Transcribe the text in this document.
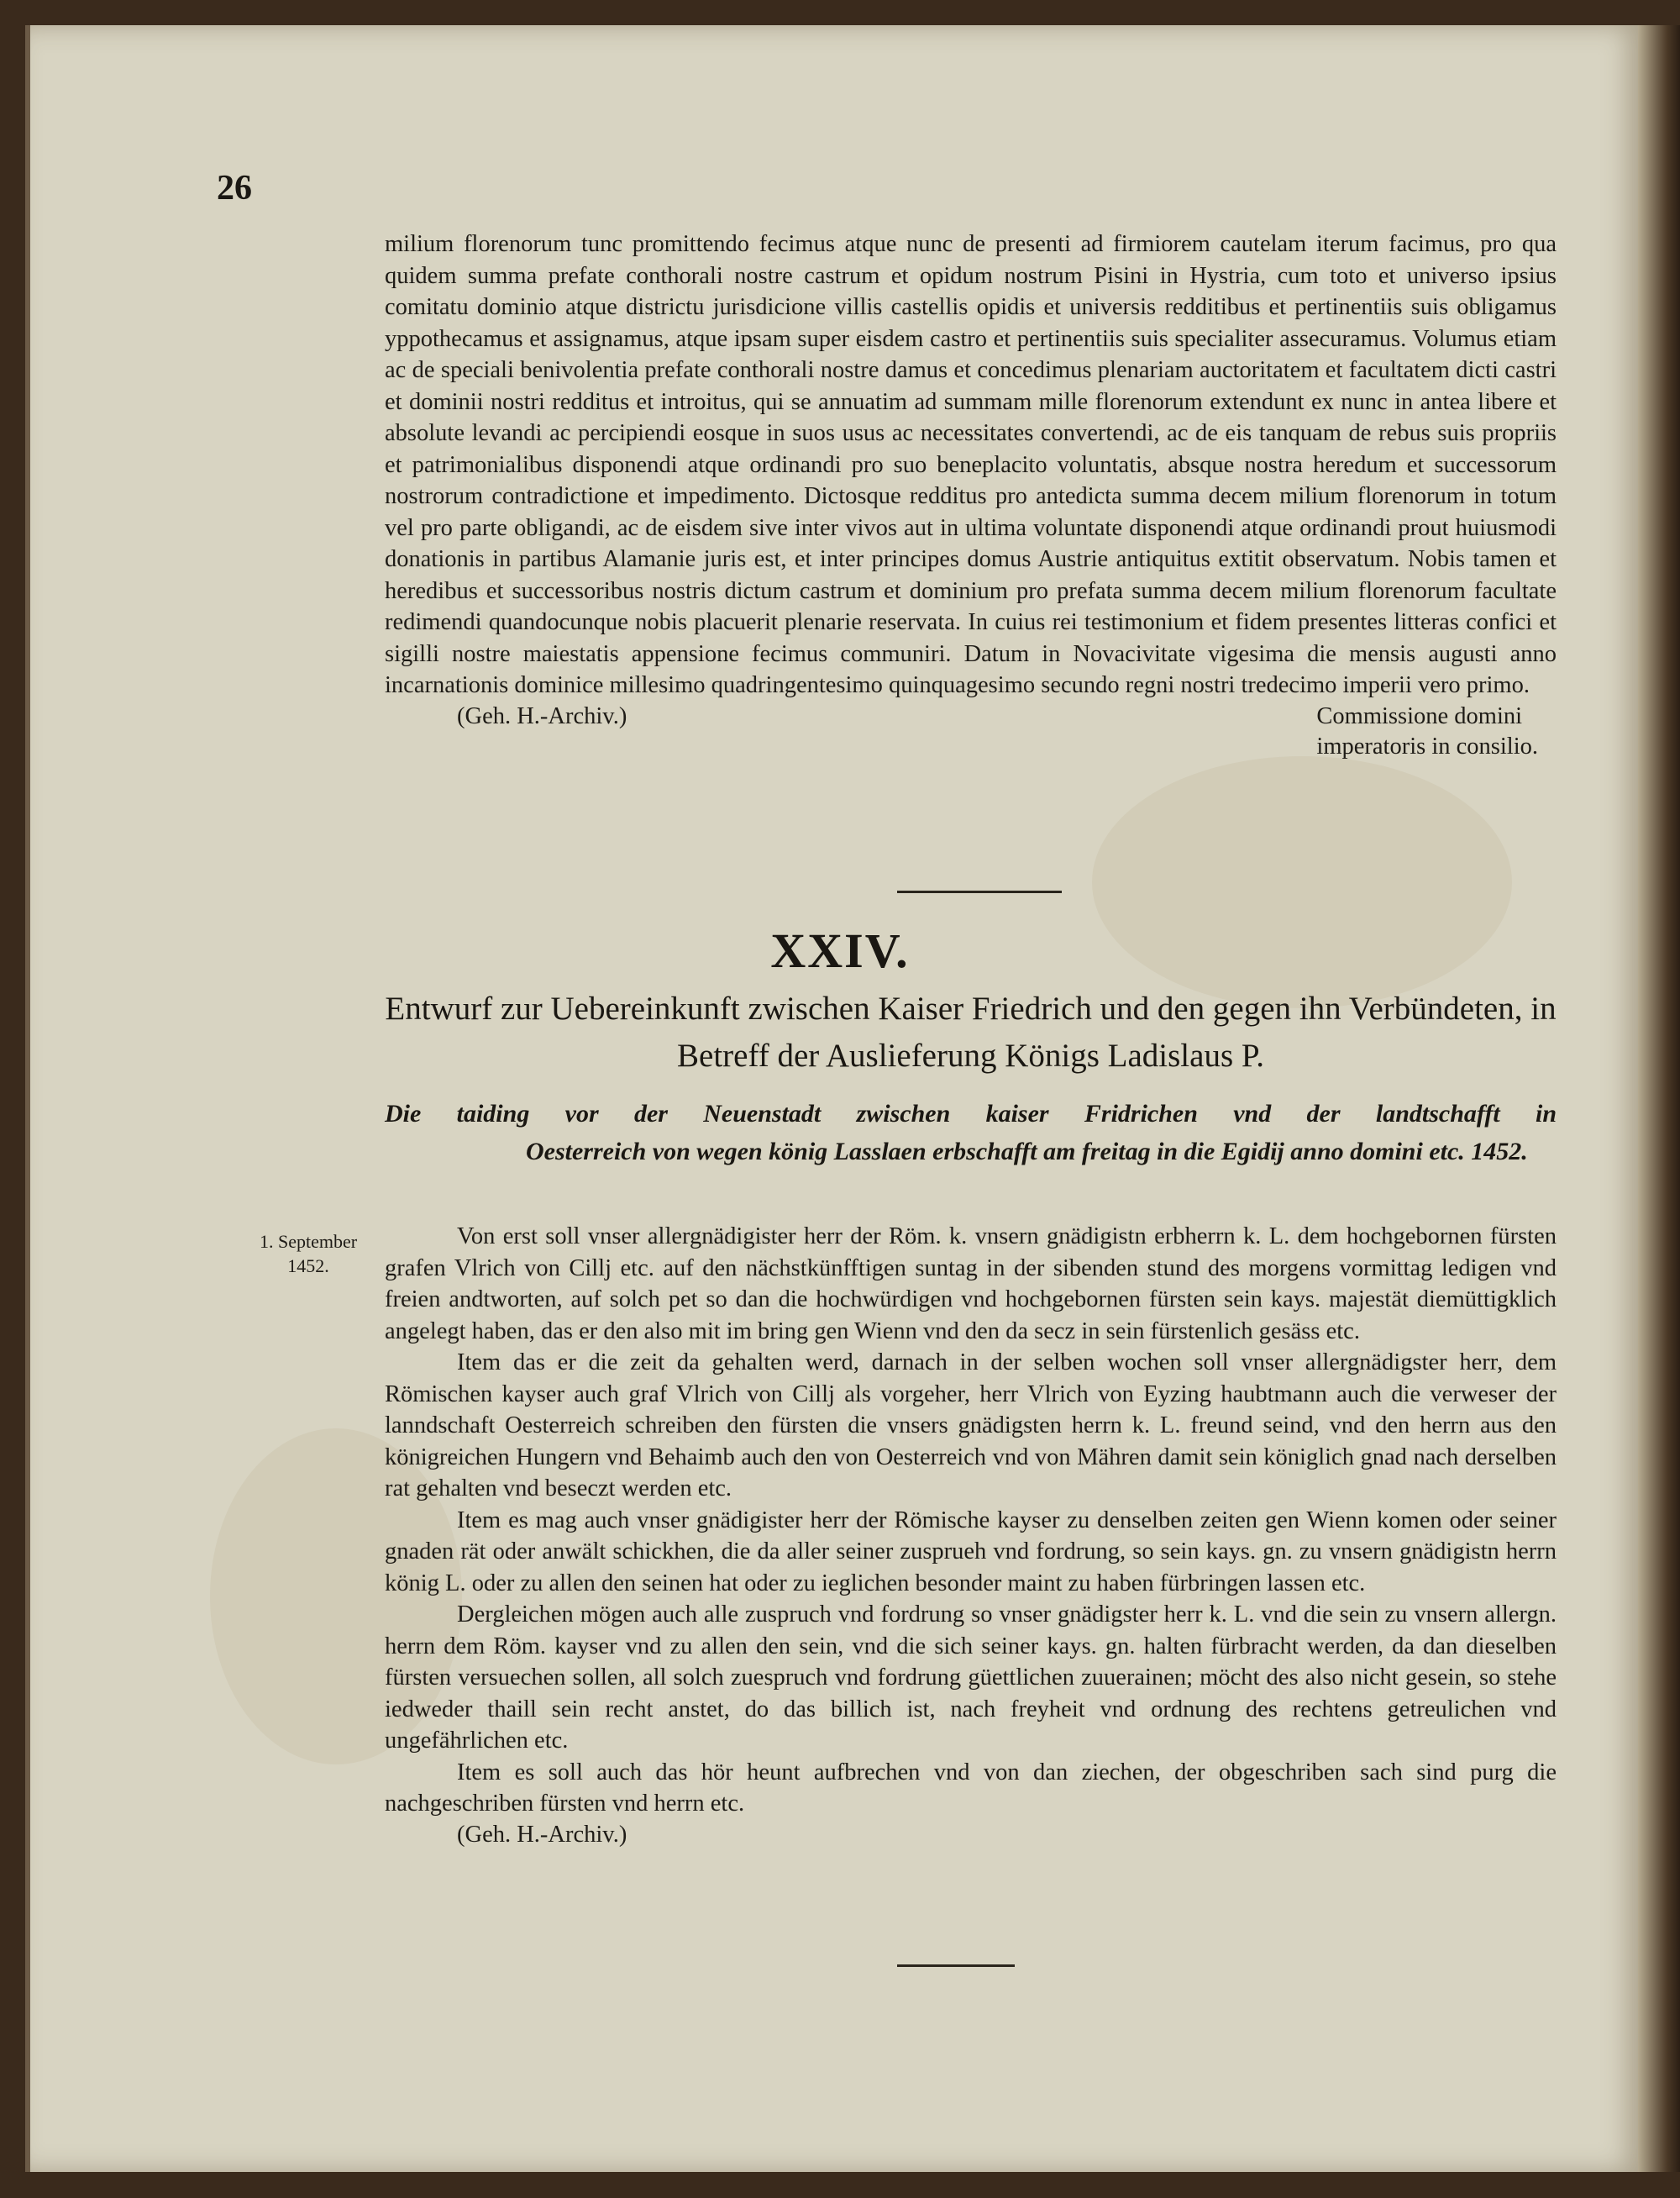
26

milium florenorum tunc promittendo fecimus atque nunc de presenti ad firmiorem cautelam iterum facimus, pro qua quidem summa prefate conthorali nostre castrum et opidum nostrum Pisini in Hystria, cum toto et universo ipsius comitatu dominio atque districtu jurisdicione villis castellis opidis et universis redditibus et pertinentiis suis obligamus yppothecamus et assignamus, atque ipsam super eisdem castro et pertinentiis suis specialiter assecuramus. Volumus etiam ac de speciali benivolentia prefate conthorali nostre damus et concedimus plenariam auctoritatem et facultatem dicti castri et dominii nostri redditus et introitus, qui se annuatim ad summam mille florenorum extendunt ex nunc in antea libere et absolute levandi ac percipiendi eosque in suos usus ac necessitates convertendi, ac de eis tanquam de rebus suis propriis et patrimonialibus disponendi atque ordinandi pro suo beneplacito voluntatis, absque nostra heredum et successorum nostrorum contradictione et impedimento. Dictosque redditus pro antedicta summa decem milium florenorum in totum vel pro parte obligandi, ac de eisdem sive inter vivos aut in ultima voluntate disponendi atque ordinandi prout huiusmodi donationis in partibus Alamanie juris est, et inter principes domus Austrie antiquitus extitit observatum. Nobis tamen et heredibus et successoribus nostris dictum castrum et dominium pro prefata summa decem milium florenorum facultate redimendi quandocunque nobis placuerit plenarie reservata. In cuius rei testimonium et fidem presentes litteras confici et sigilli nostre maiestatis appensione fecimus communiri. Datum in Novacivitate vigesima die mensis augusti anno incarnationis dominice millesimo quadringentesimo quinquagesimo secundo regni nostri tredecimo imperii vero primo.

(Geh. H.-Archiv.)	Commissione domini
imperatoris in consilio.
XXIV.
Entwurf zur Uebereinkunft zwischen Kaiser Friedrich und den gegen ihn Verbündeten, in Betreff der Auslieferung Königs Ladislaus P.
Die taiding vor der Neuenstadt zwischen kaiser Fridrichen vnd der landtschafft in
Oesterreich von wegen könig Lasslaen erbschafft am freitag in die Egidij anno domini etc. 1452.
1. September
1452.

Von erst soll vnser allergnädigister herr der Röm. k. vnsern gnädigistn erbherrn k. L. dem hochgebornen fürsten grafen Vlrich von Cillj etc. auf den nächstkünfftigen suntag in der sibenden stund des morgens vormittag ledigen vnd freien andtworten, auf solch pet so dan die hochwürdigen vnd hochgebornen fürsten sein kays. majestät diemüttigklich angelegt haben, das er den also mit im bring gen Wienn vnd den da secz in sein fürstenlich gesäss etc.

Item das er die zeit da gehalten werd, darnach in der selben wochen soll vnser allergnädigster herr, dem Römischen kayser auch graf Vlrich von Cillj als vorgeher, herr Vlrich von Eyzing haubtmann auch die verweser der lanndschaft Oesterreich schreiben den fürsten die vnsers gnädigsten herrn k. L. freund seind, vnd den herrn aus den königreichen Hungern vnd Behaimb auch den von Oesterreich vnd von Mähren damit sein königlich gnad nach derselben rat gehalten vnd beseczt werden etc.

Item es mag auch vnser gnädigister herr der Römische kayser zu denselben zeiten gen Wienn komen oder seiner gnaden rät oder anwält schickhen, die da aller seiner zusprueh vnd fordrung, so sein kays. gn. zu vnsern gnädigistn herrn könig L. oder zu allen den seinen hat oder zu ieglichen besonder maint zu haben fürbringen lassen etc.

Dergleichen mögen auch alle zuspruch vnd fordrung so vnser gnädigster herr k. L. vnd die sein zu vnsern allergn. herrn dem Röm. kayser vnd zu allen den sein, vnd die sich seiner kays. gn. halten fürbracht werden, da dan dieselben fürsten versuechen sollen, all solch zuespruch vnd fordrung güettlichen zuuerainen; möcht des also nicht gesein, so stehe iedweder thaill sein recht anstet, do das billich ist, nach freyheit vnd ordnung des rechtens getreulichen vnd ungefährlichen etc.

Item es soll auch das hör heunt aufbrechen vnd von dan ziechen, der obgeschriben sach sind purg die nachgeschriben fürsten vnd herrn etc.

(Geh. H.-Archiv.)
